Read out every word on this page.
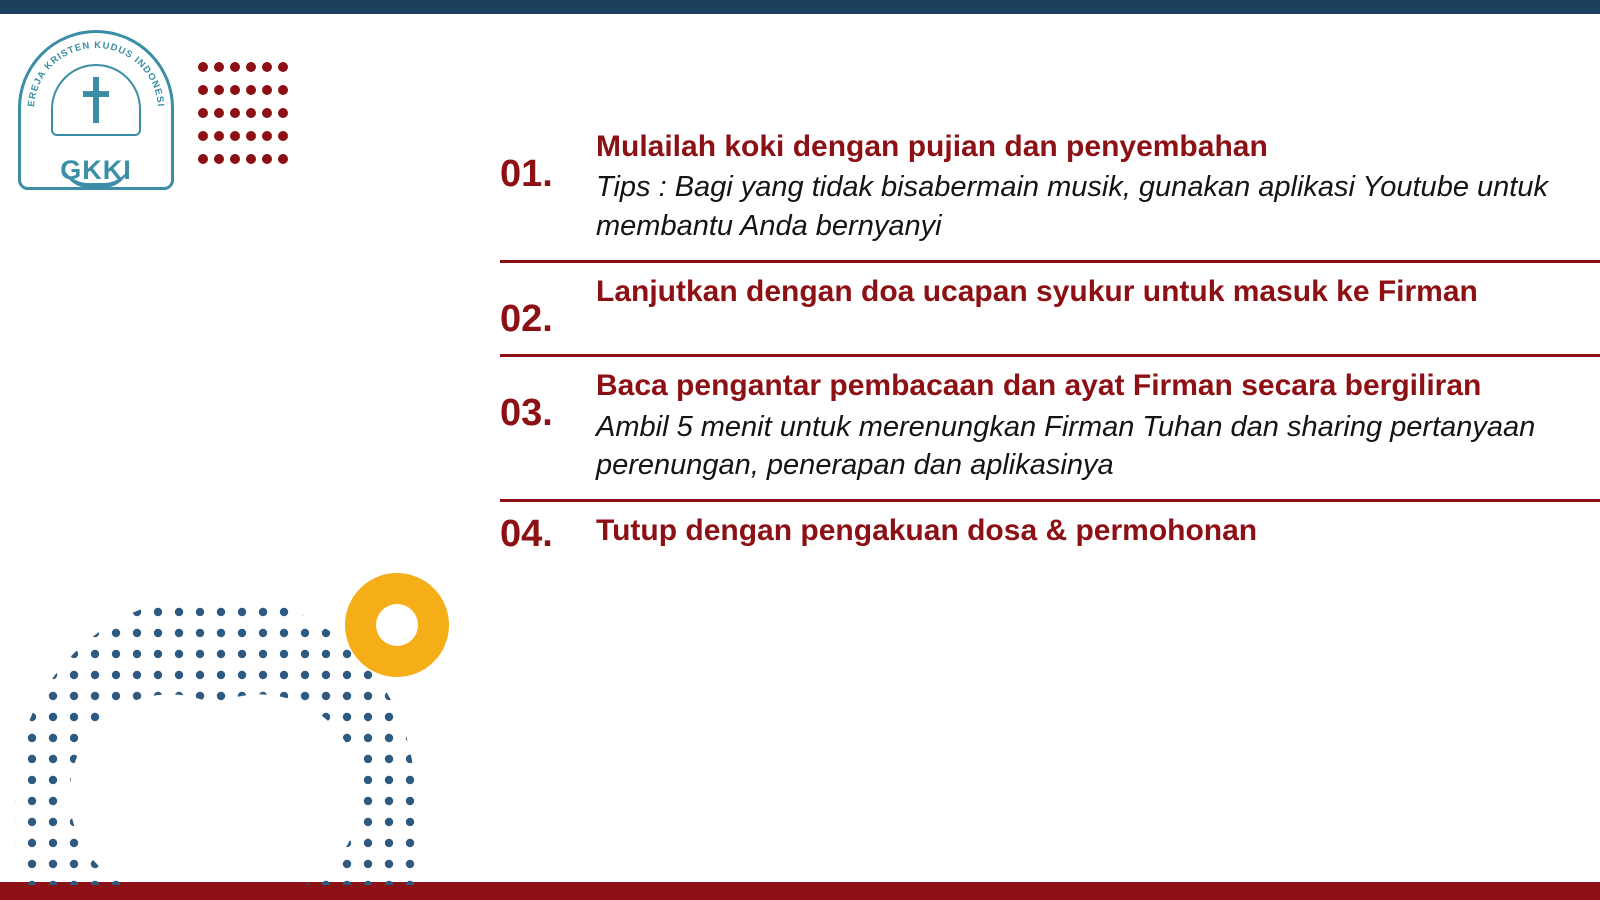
GEREJA KRISTEN KUDUS INDONESIA
GKKI	01.
Mulailah koki dengan pujian dan penyembahan
Tips : Bagi yang tidak bisabermain musik, gunakan aplikasi Youtube untuk membantu Anda bernyanyi
02.
Lanjutkan dengan doa ucapan syukur untuk masuk ke Firman
03.
Baca pengantar pembacaan dan ayat Firman secara bergiliran
Ambil 5 menit untuk merenungkan Firman Tuhan dan sharing pertanyaan perenungan, penerapan dan aplikasinya
04.	Tutup dengan pengakuan dosa & permohonan
